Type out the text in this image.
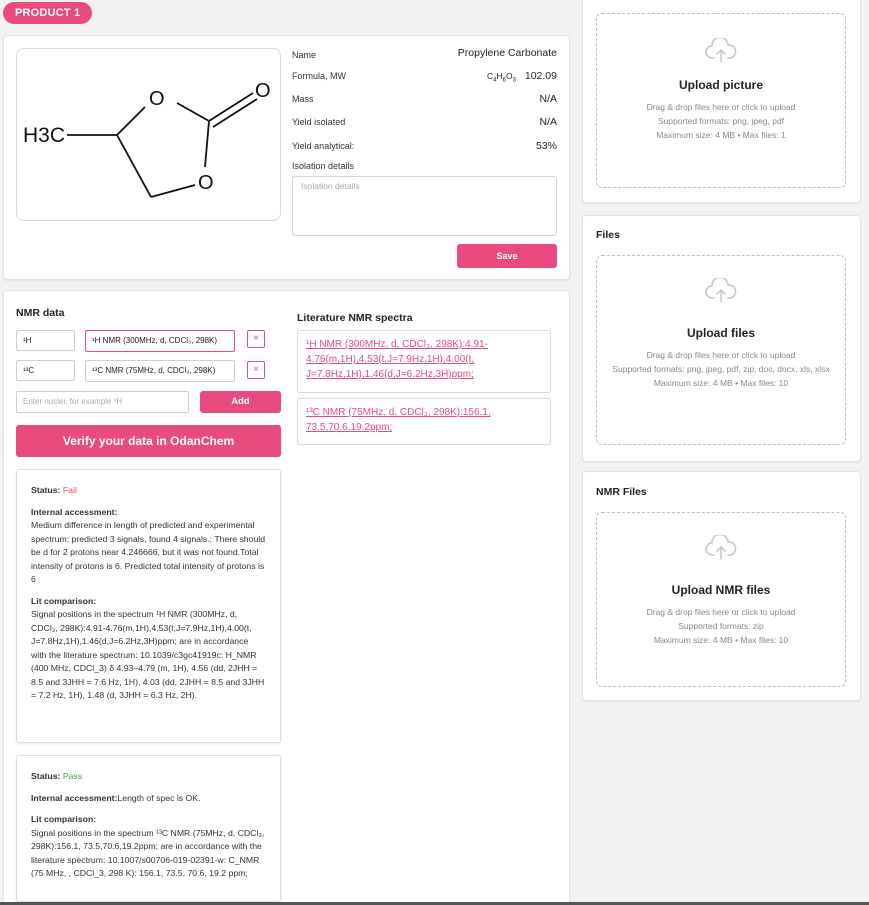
PRODUCT 1
H3C
O	O
O
Name	Propylene Carbonate
Formula, MW	$C_4H_6O_3$ 102.09
Mass	N/A
Yield isolated	N/A
Yield analytical:	53%
Isolation details
Isolation details
Save
NMR data
¹H	¹H NMR (300MHz, d, CDCl₃, 298K)	×
¹³C	¹³C NMR (75MHz, d, CDCl₃, 298K)	×
Enter nuclei, for example ¹H	Add
Verify your data in OdanChem
Status: Fail
Internal accessment:
Medium difference in length of predicted and experimental spectrum: predicted 3 signals, found 4 signals.; There should be d for 2 protons near 4.246666, but it was not found.Total intensity of protons is 6. Predicted total intensity of protons is 6
Lit comparison:
Signal positions in the spectrum ¹H NMR (300MHz, d, CDCl₃, 298K):4.91-4.76(m,1H),4.53(t,J=7.9Hz,1H),4.00(t, J=7.8Hz,1H),1.46(d,J=6.2Hz,3H)ppm; are in accordance with the literature spectrum: 10.1039/c3gc41919c: H_NMR (400 MHz, CDCl_3) δ 4.93–4.79 (m, 1H), 4.56 (dd, 2JHH = 8.5 and 3JHH = 7.6 Hz, 1H), 4.03 (dd, 2JHH = 8.5 and 3JHH = 7.2 Hz, 1H), 1.48 (d, 3JHH = 6.3 Hz, 2H).
Status: Pass
Internal accessment:Length of spec is OK.
Lit comparison:
Signal positions in the spectrum ¹³C NMR (75MHz, d, CDCl₃, 298K):156.1, 73.5,70.6,19.2ppm; are in accordance with the literature spectrum: 10.1007/s00706-019-02391-w: C_NMR (75 MHz, , CDCl_3, 298 K): 156.1, 73.5, 70.6, 19.2 ppm;
Literature NMR spectra
¹H NMR (300MHz, d, CDCl₃, 298K):4.91-4.76(m,1H),4.53(t,J=7.9Hz,1H),4.00(t, J=7.8Hz,1H),1.46(d,J=6.2Hz,3H)ppm;
¹³C NMR (75MHz, d, CDCl₃, 298K):156.1, 73.5,70.6,19.2ppm;
Upload picture
Drag & drop files here or click to upload
Supported formats: png, jpeg, pdf
Maximum size: 4 MB • Max files: 1
Files
Upload files
Drag & drop files here or click to upload
Supported formats: png, jpeg, pdf, zip, doc, docx, xls, xlsx
Maximum size: 4 MB • Max files: 10
NMR Files
Upload NMR files
Drag & drop files here or click to upload
Supported formats: zip
Maximum size: 4 MB • Max files: 10
